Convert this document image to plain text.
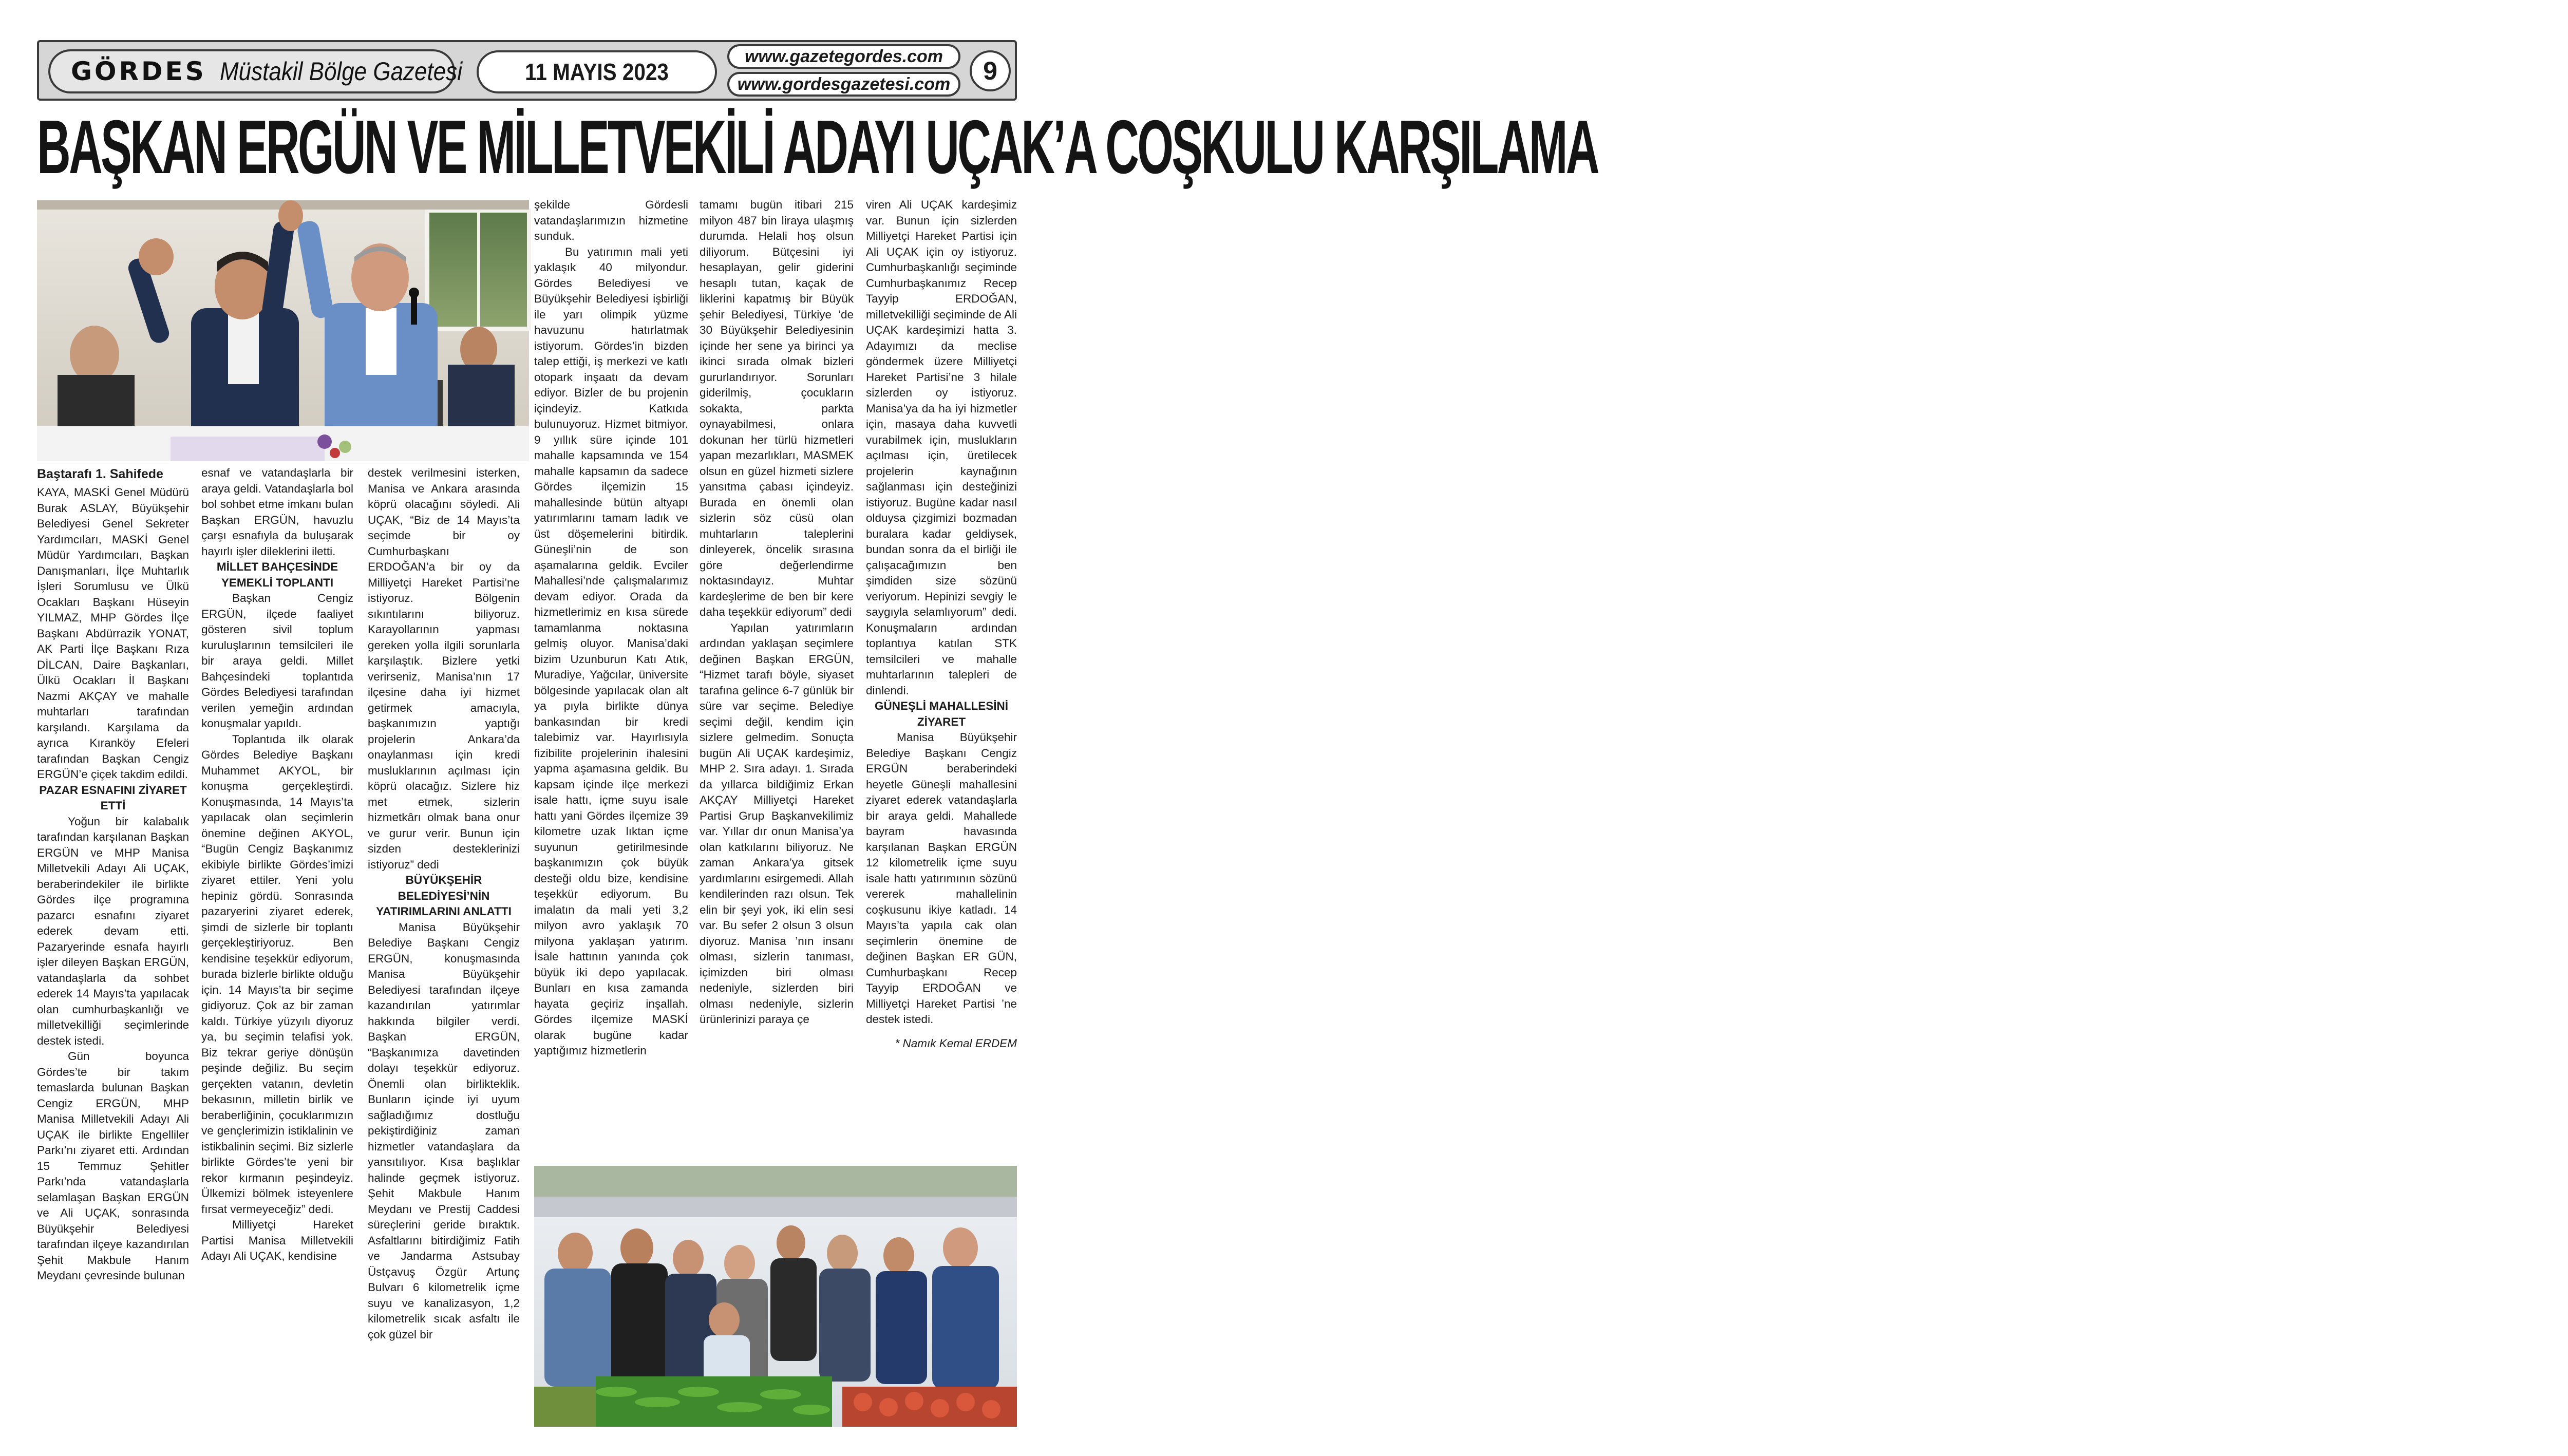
GÖRDES Müstakil Bölge Gazetesi	11 MAYIS 2023
www.gazetegordes.com
www.gordesgazetesi.com	9
BAŞKAN ERGÜN VE MİLLETVEKİLİ ADAYI UÇAK’A COŞKULU KARŞILAMA

Baştarafı 1. Sahifede

KAYA, MASKİ Genel Müdürü Burak ASLAY, Büyükşehir Belediyesi Genel Sekreter Yardımcıları, MASKİ Genel Müdür Yardımcıları, Başkan Danışmanları, İlçe Muhtarlık İşleri Sorumlusu ve Ülkü Ocakları Başkanı Hüseyin YILMAZ, MHP Gördes İlçe Başkanı Abdürrazik YONAT, AK Parti İlçe Başkanı Rıza DİLCAN, Daire Başkanları, Ülkü Ocakları İl Başkanı Nazmi AKÇAY ve mahalle muhtarları tarafından karşılandı. Karşılama da ayrıca Kıranköy Efeleri tarafından Başkan Cengiz ERGÜN’e çiçek takdim edildi.

PAZAR ESNAFINI ZİYARET ETTİ

Yoğun bir kalabalık tarafından karşılanan Başkan ERGÜN ve MHP Manisa Milletvekili Adayı Ali UÇAK, beraberindekiler ile birlikte Gördes ilçe programına pazarcı esnafını ziyaret ederek devam etti. Pazaryerinde esnafa hayırlı işler dileyen Başkan ERGÜN, vatandaşlarla da sohbet ederek 14 Mayıs’ta yapılacak olan cumhurbaşkanlığı ve milletvekilliği seçimlerinde destek istedi.

Gün boyunca Gördes’te bir takım temaslarda bulunan Başkan Cengiz ERGÜN, MHP Manisa Milletvekili Adayı Ali UÇAK ile birlikte Engelliler Parkı’nı ziyaret etti. Ardından 15 Temmuz Şehitler Parkı’nda vatandaşlarla selamlaşan Başkan ERGÜN ve Ali UÇAK, sonrasında Büyükşehir Belediyesi tarafından ilçeye kazandırılan Şehit Makbule Hanım Meydanı çevresinde bulunan

esnaf ve vatandaşlarla bir araya geldi. Vatandaşlarla bol bol sohbet etme imkanı bulan Başkan ERGÜN, havuzlu çarşı esnafıyla da buluşarak hayırlı işler dileklerini iletti.

MİLLET BAHÇESİNDE YEMEKLİ TOPLANTI

Başkan Cengiz ERGÜN, ilçede faaliyet gösteren sivil toplum kuruluşlarının temsilcileri ile bir araya geldi. Millet Bahçesindeki toplantıda Gördes Belediyesi tarafından verilen yemeğin ardından konuşmalar yapıldı.

Toplantıda ilk olarak Gördes Belediye Başkanı Muhammet AKYOL, bir konuşma gerçekleştirdi. Konuşmasında, 14 Mayıs’ta yapılacak olan seçimlerin önemine değinen AKYOL, “Bugün Cengiz Başkanımız ekibiyle birlikte Gördes’imizi ziyaret ettiler. Yeni yolu hepiniz gördü. Sonrasında pazaryerini ziyaret ederek, şimdi de sizlerle bir toplantı gerçekleştiriyoruz. Ben kendisine teşekkür ediyorum, burada bizlerle birlikte olduğu için. 14 Mayıs’ta bir seçime gidiyoruz. Çok az bir zaman kaldı. Türkiye yüzyılı diyoruz ya, bu seçimin telafisi yok. Biz tekrar geriye dönüşün peşinde değiliz. Bu seçim gerçekten vatanın, devletin bekasının, milletin birlik ve beraberliğinin, çocuklarımızın ve gençlerimizin istiklalinin ve istikbalinin seçimi. Biz sizlerle birlikte Gördes’te yeni bir rekor kırmanın peşindeyiz. Ülkemizi bölmek isteyenlere fırsat vermeyeceğiz” dedi.

Milliyetçi Hareket Partisi Manisa Milletvekili Adayı Ali UÇAK, kendisine

destek verilmesini isterken, Manisa ve Ankara arasında köprü olacağını söyledi. Ali UÇAK, “Biz de 14 Mayıs’ta seçimde bir oy Cumhurbaşkanı ERDOĞAN’a bir oy da Milliyetçi Hareket Partisi’ne istiyoruz. Bölgenin sıkıntılarını biliyoruz. Karayollarının yapması gereken yolla ilgili sorunlarla karşılaştık. Bizlere yetki verirseniz, Manisa’nın 17 ilçesine daha iyi hizmet getirmek amacıyla, başkanımızın yaptığı projelerin Ankara’da onaylanması için kredi musluklarının açılması için köprü olacağız. Sizlere hiz met etmek, sizlerin hizmetkârı olmak bana onur ve gurur verir. Bunun için sizden desteklerinizi istiyoruz” dedi

BÜYÜKŞEHİR BELEDİYESİ’NİN YATIRIMLARINI ANLATTI

Manisa Büyükşehir Belediye Başkanı Cengiz ERGÜN, konuşmasında Manisa Büyükşehir Belediyesi tarafından ilçeye kazandırılan yatırımlar hakkında bilgiler verdi. Başkan ERGÜN, “Başkanımıza davetinden dolayı teşekkür ediyoruz. Önemli olan birlikteklik. Bunların içinde iyi uyum sağladığımız dostluğu pekiştirdiğiniz zaman hizmetler vatandaşlara da yansıtılıyor. Kısa başlıklar halinde geçmek istiyoruz. Şehit Makbule Hanım Meydanı ve Prestij Caddesi süreçlerini geride bıraktık. Asfaltlarını bitirdiğimiz Fatih ve Jandarma Astsubay Üstçavuş Özgür Artunç Bulvarı 6 kilometrelik içme suyu ve kanalizasyon, 1,2 kilometrelik sıcak asfaltı ile çok güzel bir

şekilde Gördesli vatandaşlarımızın hizmetine sunduk.

Bu yatırımın mali yeti yaklaşık 40 milyondur. Gördes Belediyesi ve Büyükşehir Belediyesi işbirliği ile yarı olimpik yüzme havuzunu hatırlatmak istiyorum. Gördes’in bizden talep ettiği, iş merkezi ve katlı otopark inşaatı da devam ediyor. Bizler de bu projenin içindeyiz. Katkıda bulunuyoruz. Hizmet bitmiyor. 9 yıllık süre içinde 101 mahalle kapsamında ve 154 mahalle kapsamın da sadece Gördes ilçemizin 15 mahallesinde bütün altyapı yatırımlarını tamam ladık ve üst döşemelerini bitirdik. Güneşli’nin de son aşamalarına geldik. Evciler Mahallesi’nde çalışmalarımız devam ediyor. Orada da hizmetlerimiz en kısa sürede tamamlanma noktasına gelmiş oluyor. Manisa’daki bizim Uzunburun Katı Atık, Muradiye, Yağcılar, üniversite bölgesinde yapılacak olan alt ya pıyla birlikte dünya bankasından bir kredi talebimiz var. Hayırlısıyla fizibilite projelerinin ihalesini yapma aşamasına geldik. Bu kapsam içinde ilçe merkezi isale hattı, içme suyu isale hattı yani Gördes ilçemize 39 kilometre uzak lıktan içme suyunun getirilmesinde başkanımızın çok büyük desteği oldu bize, kendisine teşekkür ediyorum. Bu imalatın da mali yeti 3,2 milyon avro yaklaşık 70 milyona yaklaşan yatırım. İsale hattının yanında çok büyük iki depo yapılacak. Bunları en kısa zamanda hayata geçiriz inşallah. Gördes ilçemize MASKİ olarak bugüne kadar yaptığımız hizmetlerin

tamamı bugün itibari 215 milyon 487 bin liraya ulaşmış durumda. Helali hoş olsun diliyorum. Bütçesini iyi hesaplayan, gelir giderini hesaplı tutan, kaçak de liklerini kapatmış bir Büyük şehir Belediyesi, Türkiye ’de 30 Büyükşehir Belediyesinin içinde her sene ya birinci ya ikinci sırada olmak bizleri gururlandırıyor. Sorunları giderilmiş, çocukların sokakta, parkta oynayabilmesi, onlara dokunan her türlü hizmetleri yapan mezarlıkları, MASMEK olsun en güzel hizmeti sizlere yansıtma çabası içindeyiz. Burada en önemli olan sizlerin söz cüsü olan muhtarların taleplerini dinleyerek, öncelik sırasına göre değerlendirme noktasındayız. Muhtar kardeşlerime de ben bir kere daha teşekkür ediyorum” dedi

Yapılan yatırımların ardından yaklaşan seçimlere değinen Başkan ERGÜN, “Hizmet tarafı böyle, siyaset tarafına gelince 6-7 günlük bir süre var seçime. Belediye seçimi değil, kendim için sizlere gelmedim. Sonuçta bugün Ali UÇAK kardeşimiz, MHP 2. Sıra adayı. 1. Sırada da yıllarca bildiğimiz Erkan AKÇAY Milliyetçi Hareket Partisi Grup Başkanvekilimiz var. Yıllar dır onun Manisa’ya olan katkılarını biliyoruz. Ne zaman Ankara’ya gitsek yardımlarını esirgemedi. Allah kendilerinden razı olsun. Tek elin bir şeyi yok, iki elin sesi var. Bu sefer 2 olsun 3 olsun diyoruz. Manisa ’nın insanı olması, sizlerin tanıması, içimizden biri olması nedeniyle, sizlerden biri olması nedeniyle, sizlerin ürünlerinizi paraya çe

viren Ali UÇAK kardeşimiz var. Bunun için sizlerden Milliyetçi Hareket Partisi için Ali UÇAK için oy istiyoruz. Cumhurbaşkanlığı seçiminde Cumhurbaşkanımız Recep Tayyip ERDOĞAN, milletvekilliği seçiminde de Ali UÇAK kardeşimizi hatta 3. Adayımızı da meclise göndermek üzere Milliyetçi Hareket Partisi’ne 3 hilale sizlerden oy istiyoruz. Manisa’ya da ha iyi hizmetler için, masaya daha kuvvetli vurabilmek için, muslukların açılması için, üretilecek projelerin kaynağının sağlanması için desteğinizi istiyoruz. Bugüne kadar nasıl olduysa çizgimizi bozmadan buralara kadar geldiysek, bundan sonra da el birliği ile çalışacağımızın ben şimdiden size sözünü veriyorum. Hepinizi sevgiy le saygıyla selamlıyorum” dedi. Konuşmaların ardından toplantıya katılan STK temsilcileri ve mahalle muhtarlarının talepleri de dinlendi.

GÜNEŞLİ MAHALLESİNİ ZİYARET

Manisa Büyükşehir Belediye Başkanı Cengiz ERGÜN beraberindeki heyetle Güneşli mahallesini ziyaret ederek vatandaşlarla bir araya geldi. Mahallede bayram havasında karşılanan Başkan ERGÜN 12 kilometrelik içme suyu isale hattı yatırımının sözünü vererek mahallelinin coşkusunu ikiye katladı. 14 Mayıs’ta yapıla cak olan seçimlerin önemine de değinen Başkan ER GÜN, Cumhurbaşkanı Recep Tayyip ERDOĞAN ve Milliyetçi Hareket Partisi ’ne destek istedi.

* Namık Kemal ERDEM
